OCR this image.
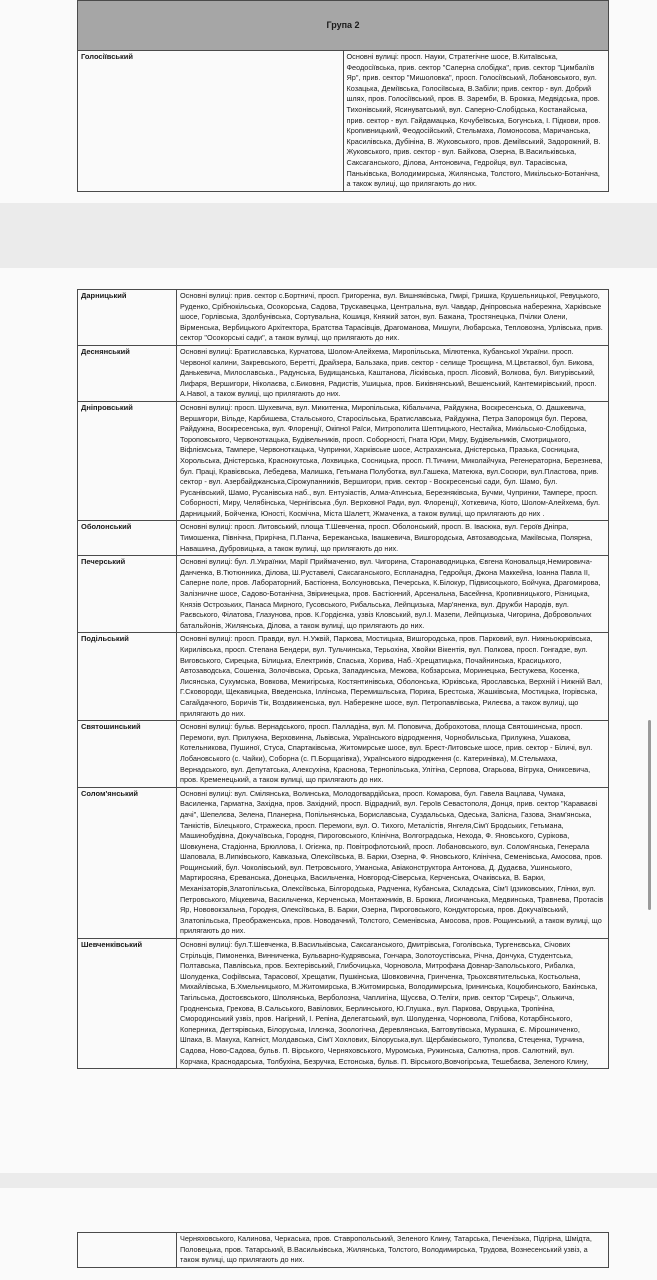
Група 2
Голосіївський	Основні вулиці: просп. Науки, Стратегічне шосе, В.Китаївська, Феодосіївська, прив. сектор "Саперна слобідка", прив. сектор "Цимбаліїв Яр", прив. сектор "Мишоловка", просп. Голосіївський, Лобановського, вул. Козацька, Деміївська, Голосіївська, В.Забіли; прив. сектор - вул. Добрий шлях, пров. Голосіївський, пров. В. Заремби, В. Брожка, Медвідська, пров. Тихонівський, Ясинуватський, вул. Саперно-Слобідська, Костанайська, прив. сектор - вул. Гайдамацька, Кочубеївська, Богунська, І. Підкови, пров. Кропивницький, Феодосійський, Стельмаха, Ломоносова, Маричанська, Красилівська, Дубініна, В. Жуковського, пров. Деміївський, Задорожний, В. Жуковського, прив. сектор - вул. Байкова, Озерна, В.Васильківська, Саксаганського, Ділова, Антоновича, Гедройця, вул. Тарасівська, Паньківська, Володимирська, Жилянська, Толстого, Микільсько-Ботанічна, а також вулиці, що прилягають до них.
Дарницький	Основні вулиці: прив. сектор с.Бортничі, просп. Григоренка, вул. Вишняківська, Гмирі, Гришка, Крушельницької, Ревуцького, Руденко, Срібнокільська, Осокорська, Садова, Трускавецька, Центральна, вул. Чавдар, Дніпровська набережна, Харківське шосе, Горлівська, Здолбунівська, Сортувальна, Кошиця, Княжий затон, вул. Бажана, Тростянецька, Пчілки Олени, Вірменська, Вербицького Архітектора, Братства Тарасівців, Драгоманова, Мишуги, Любарська, Тепловозна, Урлівська, прив. сектор "Осокорські сади", а також вулиці, що прилягають до них.
Деснянський	Основні вулиці: Братиславська, Курчатова, Шолом-Алейхема, Миропільська, Мілютенка, Кубанської України. просп. Червоної калини, Закревського, Беретті, Драйзера, Бальзака, прив. сектор - селище Троєщина, М.Цвєтаєвої, бул. Бикова, Данькевича, Милославська., Радунська, Будищанська, Каштанова, Лісківська, просп. Лісовий, Волкова, бул. Вигурівський, Лифаря, Вершигори, Ніколаєва, с.Биковня, Радистів, Ушицька, пров. Биківнянський, Вешенський, Кантемирівський, просп. А.Навої, а також вулиці, що прилягають до них.
Дніпровський	Основні вулиці: просп. Шухевича, вул. Микитенка, Миропільська, Кібальчича, Райдужна, Воскресенська, О. Дашкевича, Вершигори, Вільде, Карбишева, Стальського, Старосільська, Братиславська, Райдужна, Петра Запорожця бул. Перова, Райдужна, Воскресенська, вул. Флоренції, Окіпної Раїси, Митрополита Шептицького, Нестайка, Микільсько-Слобідська, Тороповського, Червоноткацька, Будівельників, просп. Соборності, Гната Юри, Миру, Будівельників, Смотрицького, Віфліємська, Тампере, Червоноткацька, Чупринки, Харківське шосе, Астраханська, Дністерська, Празька, Сосницька, Хорольська, Дністерська, Краснокутська, Лохвицька, Сосницька, просп. П.Тичини, Миколайчука, Регенераторна, Березнева, бул. Праці, Кравієвська, Лебедева, Малишка, Гетьмана Полуботка, вул.Гашека, Матеюка, вул.Сосюри, вул.Пластова, прив. сектор - вул. Азербайджанська,Сірожупанників, Вершигори, прив. сектор - Воскресенські сади, бул. Шамо, бул. Русанівський, Шамо, Русанівська наб., вул. Ентузіастів, Алма-Атинська, Березняківська, Бучми, Чупринки, Тампере, просп. Соборності, Миру, Челябінська, Чернігівська ,бул. Верховної Ради, вул. Флоренції, Хоткевича, Кіото, Шолом-Алейхема, бул. Дарницький, Бойченка, Юності, Космічна, Міста Шалетт, Жмаченка, а також вулиці, що прилягають до них .
Оболонський	Основні вулиці: просп. Литовський, площа Т.Шевченка, просп. Оболонський, просп. В. Івасюка, вул. Героїв Дніпра, Тимошенка, Північна, Прирічна, П.Панча, Бережанська, Івашкевича, Вишгородська, Автозаводська, Макіївська, Полярна, Навашина, Дубровицька, а також вулиці, що прилягають до них.
Печерський	Основні вулиці: бул. Л.Українки, Марії Приймаченко, вул. Чигорина, Старонаводницька, Євгена Коновальця,Немировича-Данченка, В.Тютюнника, Ділова, Ш.Руставелі, Саксаганського, Еспланадна, Гедройця, Джона Маккейна, Іоанна Павла ІІ, Саперне поле, пров. Лабораторний, Бастіонна, Болсуновська, Печерська, К.Білокур, Підвисоцького, Бойчука, Драгомирова, Залізничне шосе, Садово-Ботанічна, Звіринецька, пров. Бастіонний, Арсенальна, Басейнна, Кропивницького, Різницька, Князів Острозьких, Панаса Мирного, Гусовського, Рибальська, Лейпцизька, Мар'яненка, вул. Дружби Народів, вул. Раєвського, Філатова, Глазунова, пров. К.Гордієнка, узвіз Кловський, вул.І. Мазепи, Лейпцизька, Чигорина, Добровольчих батальйонів, Жилянська, Ділова, а також вулиці, що прилягають до них.
Подільський	Основні вулиці: просп. Правди, вул. Н.Ужвій, Паркова, Мостицька, Вишгородська, пров. Парковий, вул. Нижньоюрківська, Кирилівська, просп. Степана Бендери, вул. Тульчинська, Терьохіна, Хвойки Вікентія, вул. Полкова, просп. Гонгадзе, вул. Виговського, Сирецька, Білицька, Електриків, Спаська, Хорива, Наб.-Хрещатицька, Почайнинська, Красицького, Автозаводська, Сошенка, Золочівська, Орська, Западинська, Межова, Кобзарська, Моринецька, Бестужева, Косенка, Лисянська, Сухумська, Вовкова, Межигірська, Костянтинівська, Оболонська, Юрківська, Ярославська, Верхній і Нижній Вал, Г.Сковороди, Щекавицька, Введенська, Іллінська, Перемишльська, Порика, Брестська, Жашківська, Мостицька, Ігорівська, Сагайдачного, Боричів Тік, Воздвиженська, вул. Набережне шосе, вул. Петропавлівська, Рилеєва, а також вулиці, що прилягають до них.
Святошинський	Основні вулиці: бульв. Вернадського, просп. Палладіна, вул. М. Поповича, Доброхотова, площа Святошинська, просп. Перемоги, вул. Прилужна, Верховинна, Львівська, Українського відродження, Чорнобильська, Прилужна, Ушакова, Котельникова, Пушиної, Стуса, Спартаківська, Житомирське шосе, вул. Брест-Литовське шосе, прив. сектор - Біличі, вул. Лобановського (с. Чайки), Соборна (с. П.Борщагівка), Українського відродження (с. Катеринівка), М.Стельмаха, Вернадського, вул. Депутатська, Алексухіна, Краснова, Тернопільська, Улітіна, Серпова, Огарьова, Вітрука, Ониксевича, пров. Кременецький, а також вулиці, що прилягають до них.
Солом'янський	Основні вулиці: вул. Смілянська, Волинська, Молодогвардійська, просп. Комарова, бул. Гавела Вацлава, Чумака, Василенка, Гарматна, Західна, пров. Західний, просп. Відрадний, вул. Героїв Севастополя, Донця, прив. сектор "Караваєві дачі", Шепелєва, Зелена, Планерна, Попільнянська, Бориславська, Суздальська, Одеська, Залісна, Газова, Знам'янська, Танкістів, Білецького, Стражеска, просп. Перемоги, вул. О. Тихого, Металістів, Янгеля,Сім'ї Бродських, Гетьмана, Машинобудівна, Докучаївська, Городня, Пироговського, Клінічна, Волгоградська, Нехода, Ф. Яновського, Сурікова, Шовкунена, Стадіонна, Брюллова, І. Огієнка, пр. Повітрофлотський, просп. Лобановського, вул. Солом'янська, Генерала Шаповала, В.Липківського, Кавказька, Олексіївська, В. Барки, Озерна, Ф. Яновського, Клінічна, Семенівська, Амосова, пров. Рощинський, бул. Чоколівський, вул. Петровського, Уманська, Авіаконструктора Антонова, Д. Дудаєва, Ушинського, Мартиросяна, Єреванська, Донецька, Васильченка, Новгород-Сіверська, Керченська, Очаківська, В. Барки, Механізаторів,Златопільська, Олексіївська, Білгородська, Радченка, Кубанська, Складська, Сім'ї Ідзиковських, Глінки, вул. Петровського, Міцкевича, Васильченка, Керченська, Монтажників, В. Брожка, Лисичанська, Медвинська, Травнева, Протасів Яр, Нововокзальна, Городня, Олексіївська, В. Барки, Озерна, Пироговського, Кондукторська, пров. Докучаївський, Златопільська, Преображенська, пров. Новодачний, Толстого, Семенівська, Амосова, пров. Рощинський, а також вулиці, що прилягають до них.
Шевченківський	Основні вулиці: бул.Т.Шевченка, В.Васильківська, Саксаганського, Дмитрівська, Гоголівська, Тургенєвська, Січових Стрільців, Пимоненка, Винниченка, Бульварно-Кудрявська, Гончара, Золотоустівська, Річна, Дончука, Студентська, Полтавська, Павлівська, пров. Бехтерівський, Глибочицька, Чорновола, Митрофана Довнар-Запольського, Рибалка, Шолуденка, Софіївська, Тарасової, Хрещатик, Пушкінська, Шовковична, Гринченка, Трьохсвятительська, Костьольна, Михайлівська, Б.Хмельницького, М.Житомирська, В.Житомирська, Володимирська, Ірининська, Коцюбинського, Бакінська, Тагільська, Достоєвського, Шполянська, Верболозна, Чаплигіна, Щусєва, О.Теліги, прив. сектор "Сирець", Ольжича, Гродненська, Грекова, В.Сальського, Вавілових, Берлинського, Ю.Глушка., вул. Паркова, Овруцька, Тропініна, Смородинський узвіз, пров. Нагірний, І. Репіна, Делегатський, вул. Шолуденка, Чорновола, Глібова, Котарбінського, Коперника, Дегтярівська, Білоруська, Іллєнка, Зоологічна, Деревлянська, Багговутівська, Мурашка, Є. Мірошниченко, Шпака, В. Макуха, Капніст, Молдавська, Сім'ї Хохлових, Білоруська,вул. Щербаківського, Туполєва, Стеценка, Турчина, Садова, Ново-Садова, бульв. П. Вірського, Черняховського, Муромська, Ружинська, Салютна, пров. Салютний, вул. Корчака, Краснодарська, Толбухіна, Безручка, Естонська, бульв. П. Вірського,Вовчогірська, Тешебаєва, Зеленого Клину,
	Черняховського, Калинова, Черкаська, пров. Ставропольський, Зеленого Клину, Татарська, Печенізька, Підгірна, Шмідта, Половецька, пров. Татарський, В.Васильківська, Жилянська, Толстого, Володимирська, Трудова, Вознесенський узвіз, а також вулиці, що прилягають до них.
